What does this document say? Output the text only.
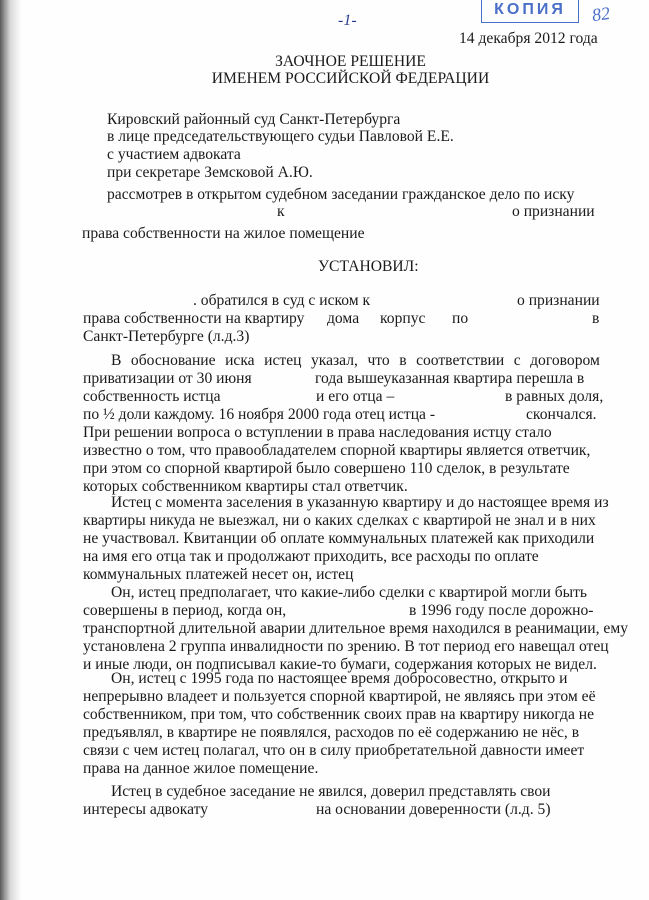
КОПИЯ	82
-1-
14 декабря 2012 года
ЗАОЧНОЕ РЕШЕНИЕ
ИМЕНЕМ РОССИЙСКОЙ ФЕДЕРАЦИИ
Кировский районный суд Санкт-Петербурга
в лице председательствующего судьи Павловой Е.Е.
с участием адвоката
при секретаре Земсковой А.Ю.
рассмотрев в открытом судебном заседании гражданское дело по иску
к	о признании
права собственности на жилое помещение
УСТАНОВИЛ:
. обратился в суд с иском к	о признании
права собственности на квартиру дома корпус по	в
Санкт-Петербурге (л.д.3)
В обоснование иска истец указал, что в соответствии с договором
приватизации от 30 июня	года вышеуказанная квартира перешла в
собственность истца	и его отца –	в равных доля,
по ½ доли каждому. 16 ноября 2000 года отец истца -	скончался.
При решении вопроса о вступлении в права наследования истцу стало
известно о том, что правообладателем спорной квартиры является ответчик,
при этом со спорной квартирой было совершено 110 сделок, в результате
которых собственником квартиры стал ответчик.
Истец с момента заселения в указанную квартиру и до настоящее время из
квартиры никуда не выезжал, ни о каких сделках с квартирой не знал и в них
не участвовал. Квитанции об оплате коммунальных платежей как приходили
на имя его отца так и продолжают приходить, все расходы по оплате
коммунальных платежей несет он, истец
Он, истец предполагает, что какие-либо сделки с квартирой могли быть
совершены в период, когда он,	в 1996 году после дорожно-
транспортной длительной аварии длительное время находился в реанимации, ему
установлена 2 группа инвалидности по зрению. В тот период его навещал отец
и иные люди, он подписывал какие-то бумаги, содержания которых не видел.
Он, истец с 1995 года по настоящее время добросовестно, открыто и
непрерывно владеет и пользуется спорной квартирой, не являясь при этом её
собственником, при том, что собственник своих прав на квартиру никогда не
предъявлял, в квартире не появлялся, расходов по её содержанию не нёс, в
связи с чем истец полагал, что он в силу приобретательной давности имеет
права на данное жилое помещение.
Истец в судебное заседание не явился, доверил представлять свои
интересы адвокату	на основании доверенности (л.д. 5)
